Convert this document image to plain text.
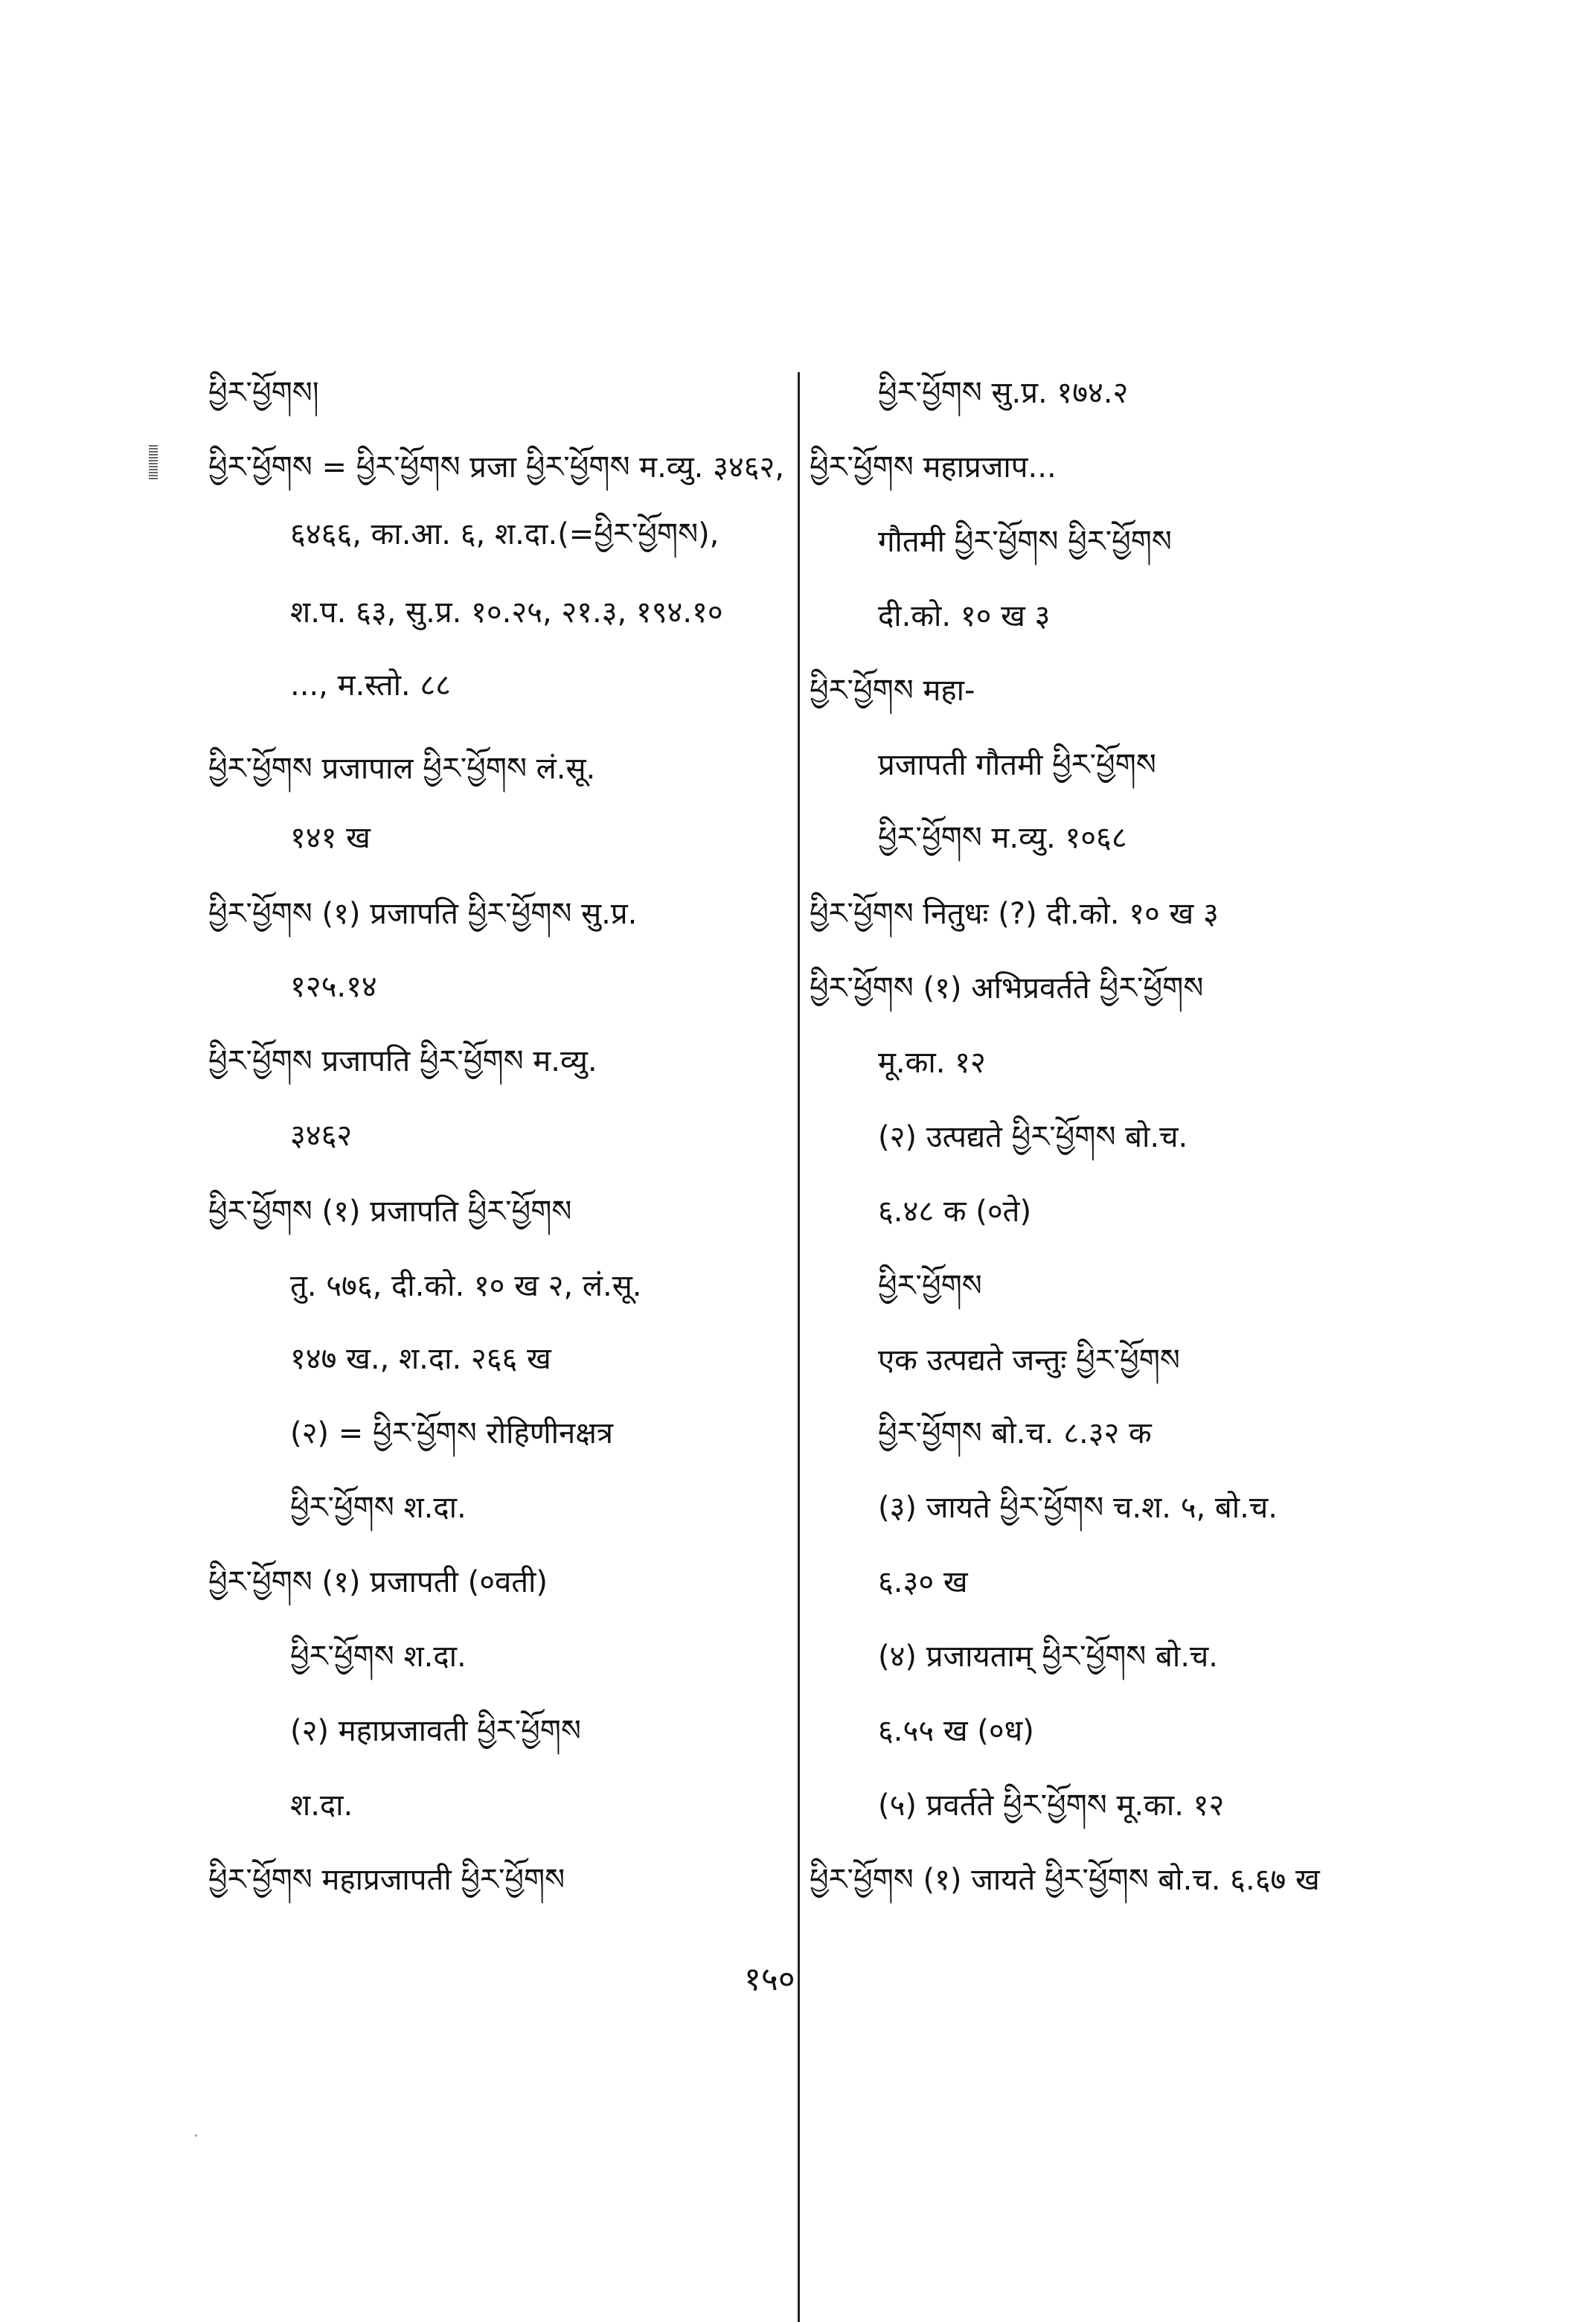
ཕྱིར་ཕྱོགས།
ཕྱིར་ཕྱོགས = ཕྱིར་ཕྱོགས प्रजा ཕྱིར་ཕྱོགས म.व्यु. ३४६२,
६४६६, का.आ. ६, श.दा.(=ཕྱིར་ཕྱོགས),
श.प. ६३, सु.प्र. १०.२५, २१.३, १९४.१०
..., म.स्तो. ८८
ཕྱིར་ཕྱོགས प्रजापाल ཕྱིར་ཕྱོགས लं.सू.
१४१ ख
ཕྱིར་ཕྱོགས (१) प्रजापति ཕྱིར་ཕྱོགས सु.प्र.
१२५.१४
ཕྱིར་ཕྱོགས प्रजापति ཕྱིར་ཕྱོགས म.व्यु.
३४६२
ཕྱིར་ཕྱོགས (१) प्रजापति ཕྱིར་ཕྱོགས
तु. ५७६, दी.को. १० ख २, लं.सू.
१४७ ख., श.दा. २६६ ख
(२) = ཕྱིར་ཕྱོགས रोहिणीनक्षत्र
ཕྱིར་ཕྱོགས श.दा.
ཕྱིར་ཕྱོགས (१) प्रजापती (०वती)
ཕྱིར་ཕྱོགས श.दा.
(२) महाप्रजावती ཕྱིར་ཕྱོགས
श.दा.
ཕྱིར་ཕྱོགས महाप्रजापती ཕྱིར་ཕྱོགས
ཕྱིར་ཕྱོགས सु.प्र. १७४.२
ཕྱིར་ཕྱོགས महाप्रजाप...
गौतमी ཕྱིར་ཕྱོགས ཕྱིར་ཕྱོགས
दी.को. १० ख ३
ཕྱིར་ཕྱོགས महा-
प्रजापती गौतमी ཕྱིར་ཕྱོགས
ཕྱིར་ཕྱོགས म.व्यु. १०६८
ཕྱིར་ཕྱོགས नितुधः (?) दी.को. १० ख ३
ཕྱིར་ཕྱོགས (१) अभिप्रवर्तते ཕྱིར་ཕྱོགས
मू.का. १२
(२) उत्पद्यते ཕྱིར་ཕྱོགས बो.च.
६.४८ क (०ते)
ཕྱིར་ཕྱོགས
एक उत्पद्यते जन्तुः ཕྱིར་ཕྱོགས
ཕྱིར་ཕྱོགས बो.च. ८.३२ क
(३) जायते ཕྱིར་ཕྱོགས च.श. ५, बो.च.
६.३० ख
(४) प्रजायताम् ཕྱིར་ཕྱོགས बो.च.
६.५५ ख (०ध)
(५) प्रवर्तते ཕྱིར་ཕྱོགས मू.का. १२
ཕྱིར་ཕྱོགས (१) जायते ཕྱིར་ཕྱོགས बो.च. ६.६७ ख
१५०
